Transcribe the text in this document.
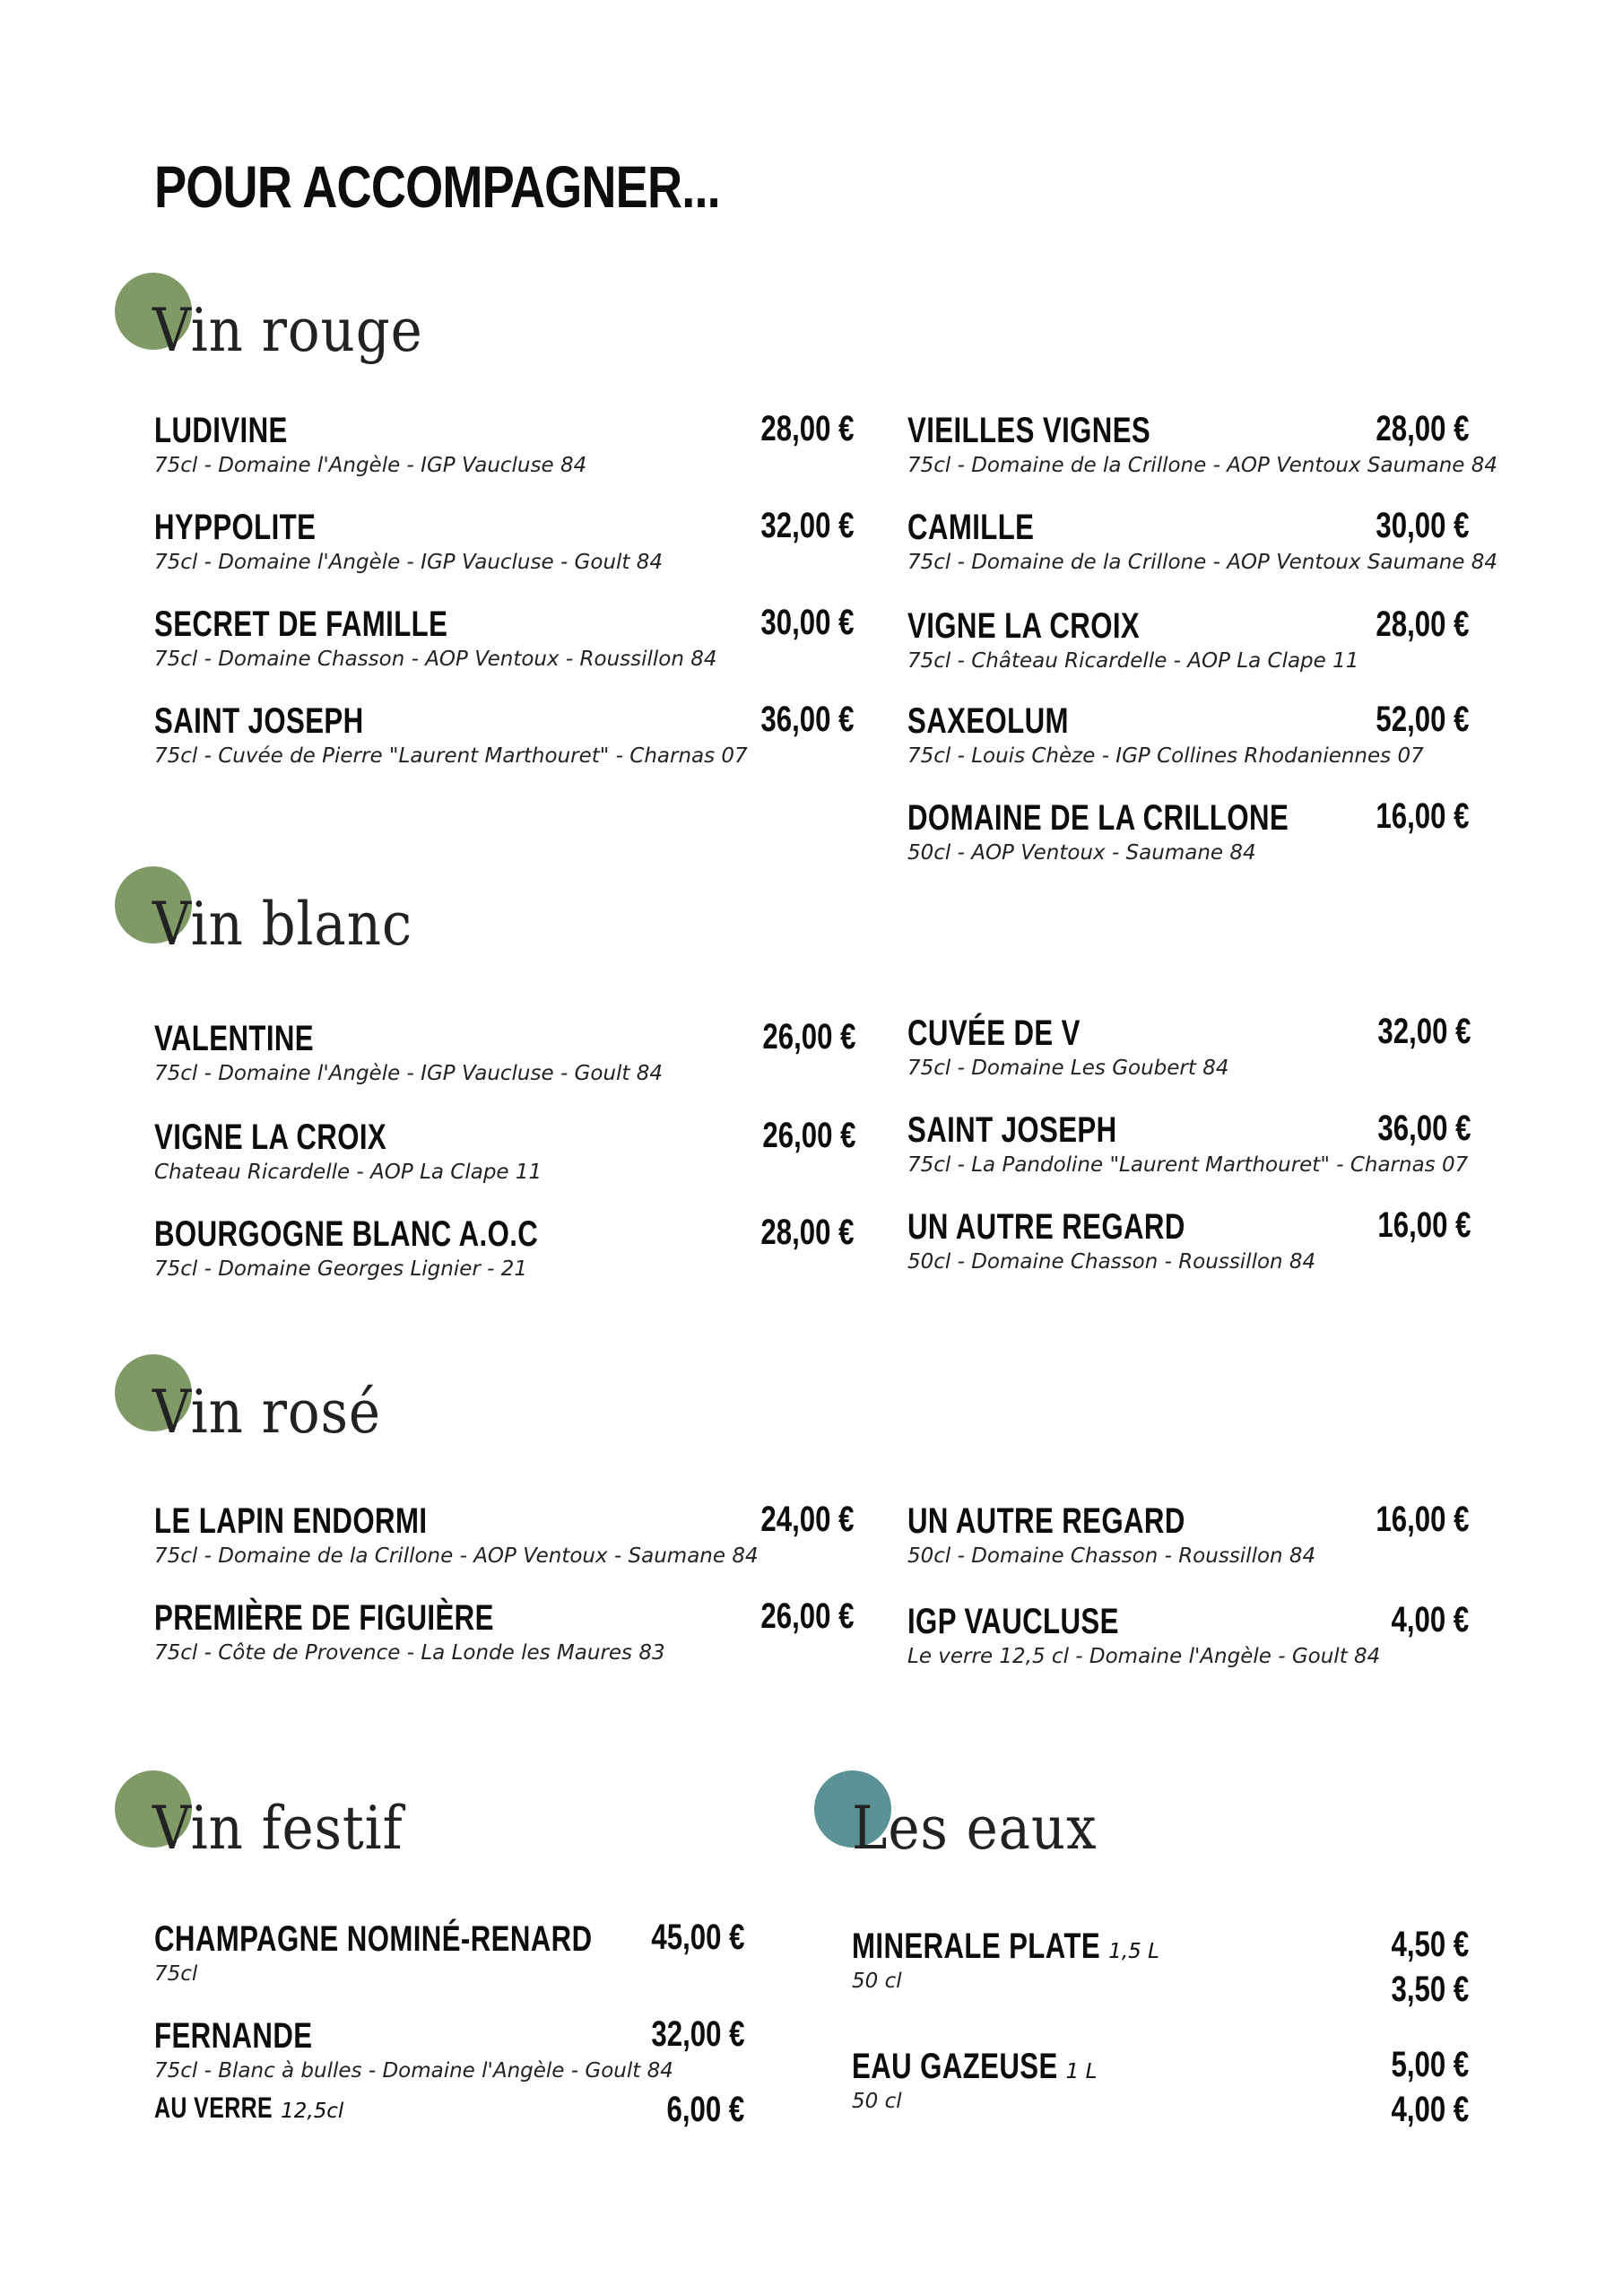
POUR ACCOMPAGNER...
Vin rouge
LUDIVINE
75cl - Domaine l'Angèle - IGP Vaucluse 84
28,00 €
HYPPOLITE
75cl - Domaine l'Angèle - IGP Vaucluse - Goult 84
32,00 €
SECRET DE FAMILLE
75cl - Domaine Chasson - AOP Ventoux - Roussillon 84
30,00 €
SAINT JOSEPH
75cl - Cuvée de Pierre "Laurent Marthouret" - Charnas 07
36,00 €
VIEILLES VIGNES
75cl - Domaine de la Crillone - AOP Ventoux Saumane 84
28,00 €
CAMILLE
75cl - Domaine de la Crillone - AOP Ventoux Saumane 84
30,00 €
VIGNE LA CROIX
75cl - Château Ricardelle - AOP La Clape 11
28,00 €
SAXEOLUM
75cl - Louis Chèze - IGP Collines Rhodaniennes 07
52,00 €
DOMAINE DE LA CRILLONE
50cl - AOP Ventoux - Saumane 84
16,00 €
Vin blanc
VALENTINE
75cl - Domaine l'Angèle - IGP Vaucluse - Goult 84
26,00 €
VIGNE LA CROIX
Chateau Ricardelle - AOP La Clape 11
26,00 €
BOURGOGNE BLANC A.O.C
75cl - Domaine Georges Lignier - 21
28,00 €
CUVÉE DE V
75cl - Domaine Les Goubert 84
32,00 €
SAINT JOSEPH
75cl - La Pandoline "Laurent Marthouret" - Charnas 07
36,00 €
UN AUTRE REGARD
50cl - Domaine Chasson - Roussillon 84
16,00 €
Vin rosé
LE LAPIN ENDORMI
75cl - Domaine de la Crillone - AOP Ventoux - Saumane 84
24,00 €
PREMIÈRE DE FIGUIÈRE
75cl - Côte de Provence - La Londe les Maures 83
26,00 €
UN AUTRE REGARD
50cl - Domaine Chasson - Roussillon 84
16,00 €
IGP VAUCLUSE
Le verre 12,5 cl - Domaine l'Angèle - Goult 84
4,00 €
Vin festif
CHAMPAGNE NOMINÉ-RENARD
75cl
45,00 €
FERNANDE
75cl - Blanc à bulles - Domaine l'Angèle - Goult 84
32,00 €
AU VERRE 12,5cl	6,00 €
Les eaux
MINERALE PLATE 1,5 L
50 cl
4,50 €
3,50 €
EAU GAZEUSE 1 L
50 cl
5,00 €
4,00 €
